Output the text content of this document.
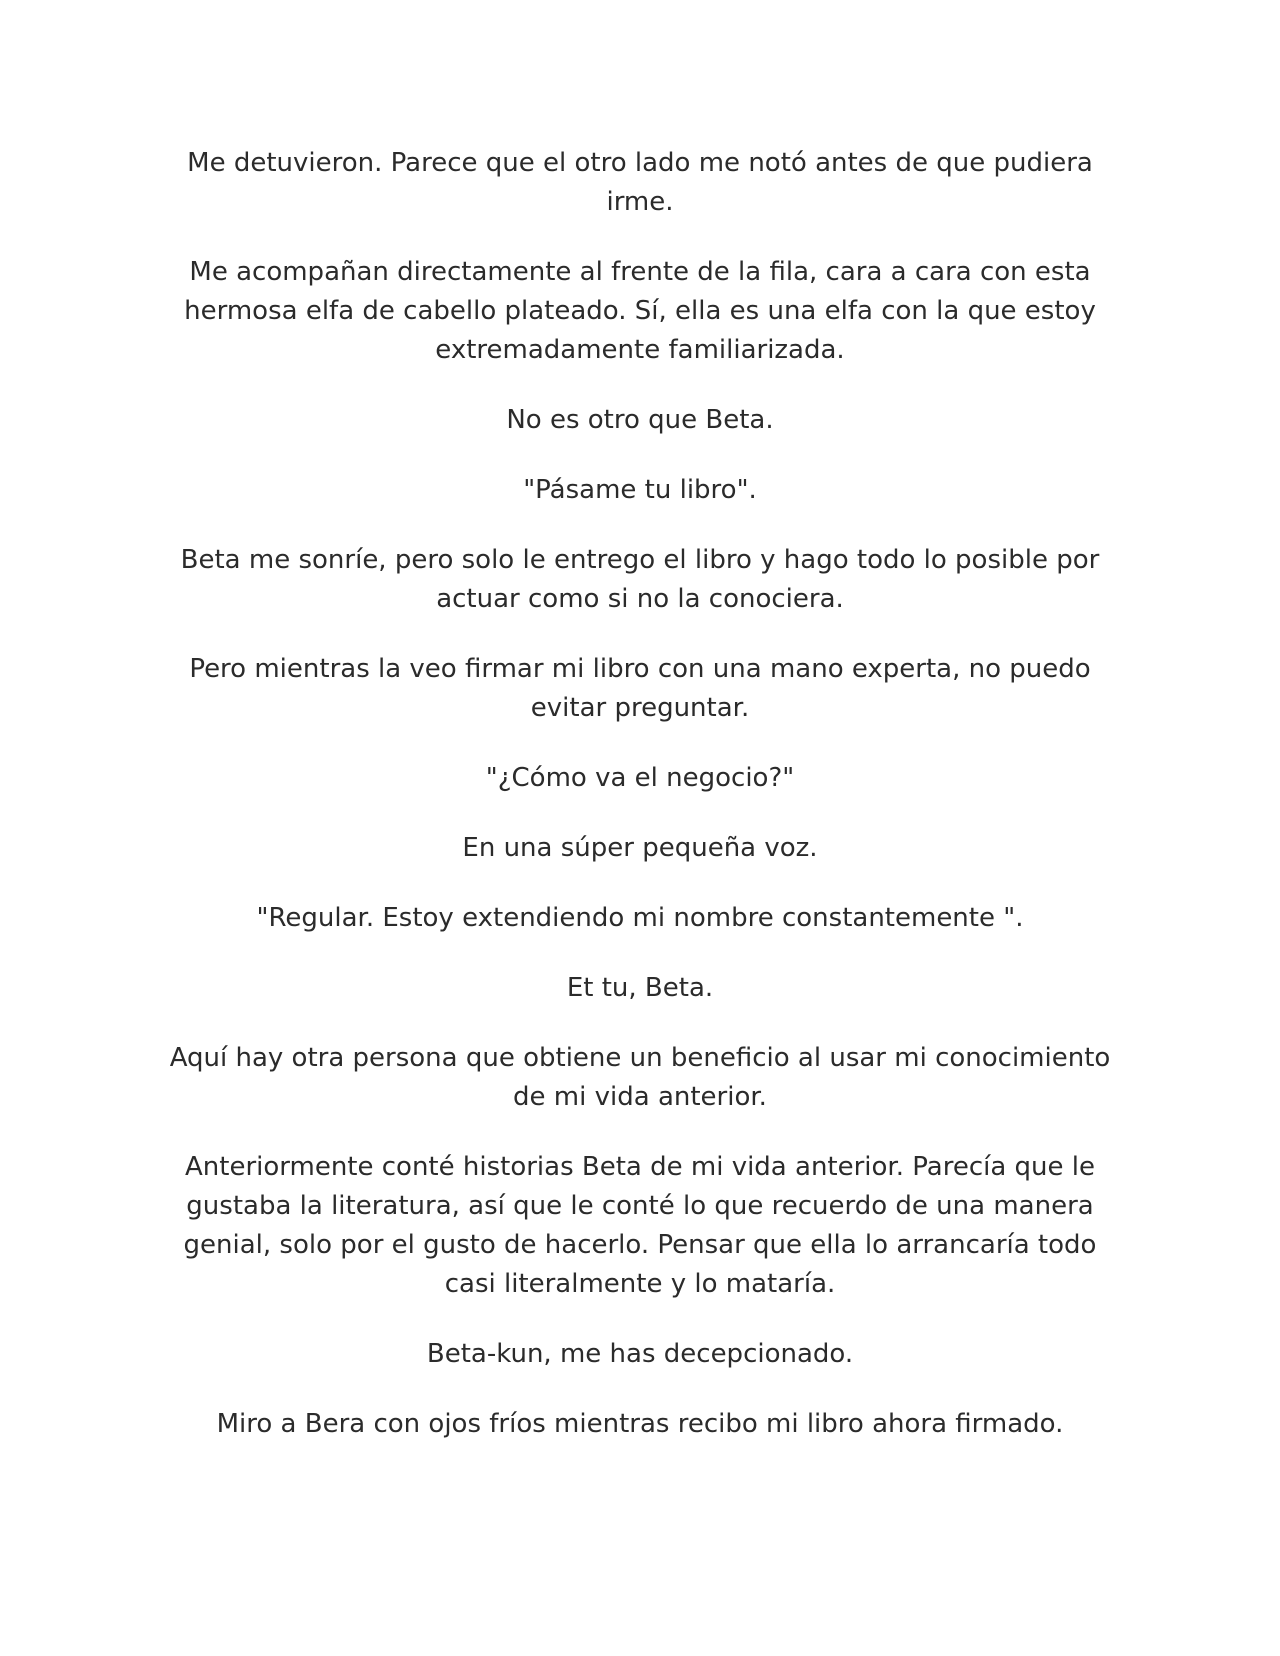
Me detuvieron. Parece que el otro lado me notó antes de que pudiera irme.

Me acompañan directamente al frente de la fila, cara a cara con esta hermosa elfa de cabello plateado. Sí, ella es una elfa con la que estoy extremadamente familiarizada.

No es otro que Beta.

"Pásame tu libro".

Beta me sonríe, pero solo le entrego el libro y hago todo lo posible por actuar como si no la conociera.

Pero mientras la veo firmar mi libro con una mano experta, no puedo evitar preguntar.

"¿Cómo va el negocio?"

En una súper pequeña voz.

"Regular. Estoy extendiendo mi nombre constantemente ".

Et tu, Beta.

Aquí hay otra persona que obtiene un beneficio al usar mi conocimiento de mi vida anterior.

Anteriormente conté historias Beta de mi vida anterior. Parecía que le gustaba la literatura, así que le conté lo que recuerdo de una manera genial, solo por el gusto de hacerlo. Pensar que ella lo arrancaría todo casi literalmente y lo mataría.

Beta-kun, me has decepcionado.

Miro a Bera con ojos fríos mientras recibo mi libro ahora firmado.
